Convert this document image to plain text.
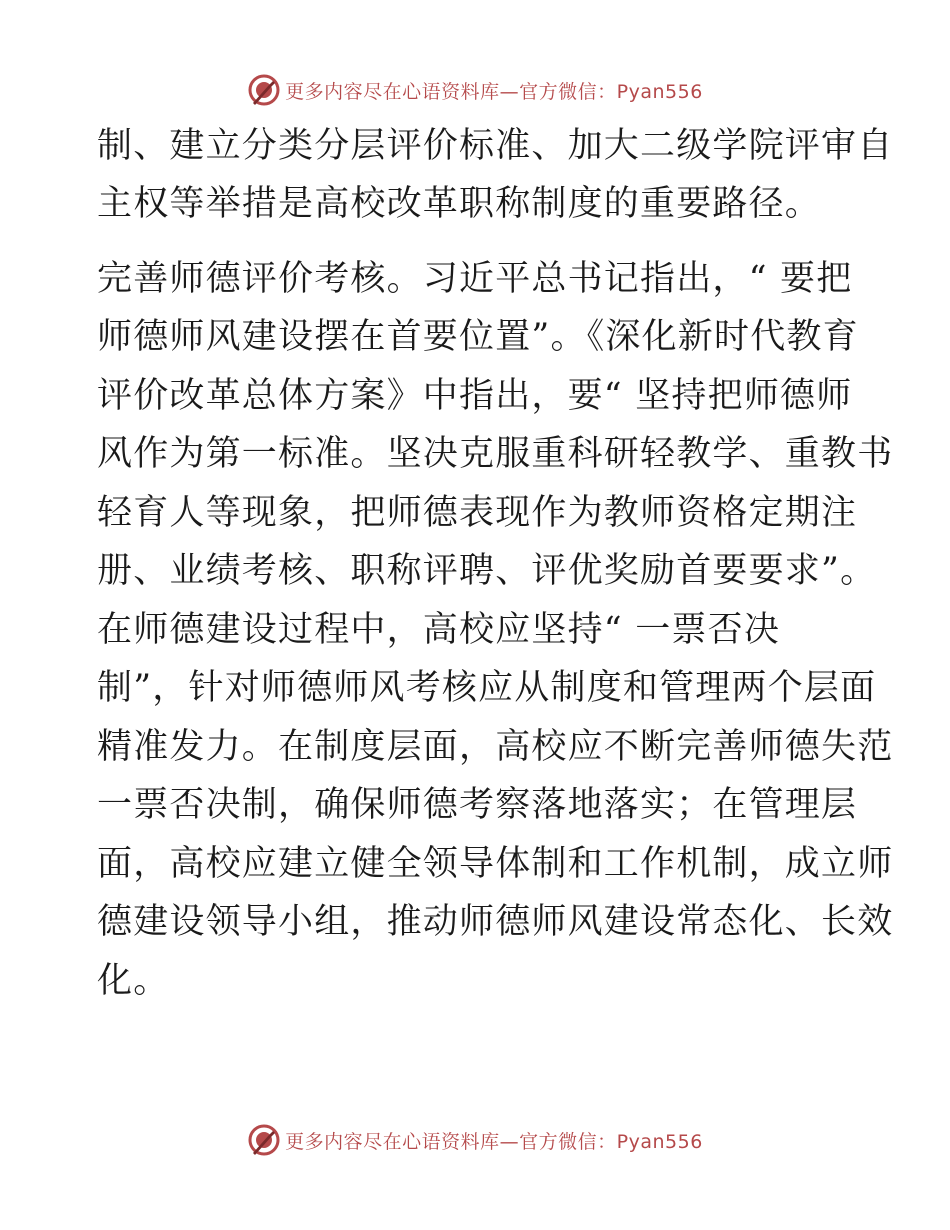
更多内容尽在心语资料库—官方微信：Pyan556
制、建立分类分层评价标准、加大二级学院评审自
主权等举措是高校改革职称制度的重要路径。
完善师德评价考核。习近平总书记指出，“ 要把
师德师风建设摆在首要位置”。《深化新时代教育
评价改革总体方案》中指出，要“ 坚持把师德师
风作为第一标准。坚决克服重科研轻教学、重教书
轻育人等现象，把师德表现作为教师资格定期注
册、业绩考核、职称评聘、评优奖励首要要求”。
在师德建设过程中，高校应坚持“ 一票否决
制”，针对师德师风考核应从制度和管理两个层面
精准发力。在制度层面，高校应不断完善师德失范
一票否决制，确保师德考察落地落实；在管理层
面，高校应建立健全领导体制和工作机制，成立师
德建设领导小组，推动师德师风建设常态化、长效
化。
更多内容尽在心语资料库—官方微信：Pyan556
